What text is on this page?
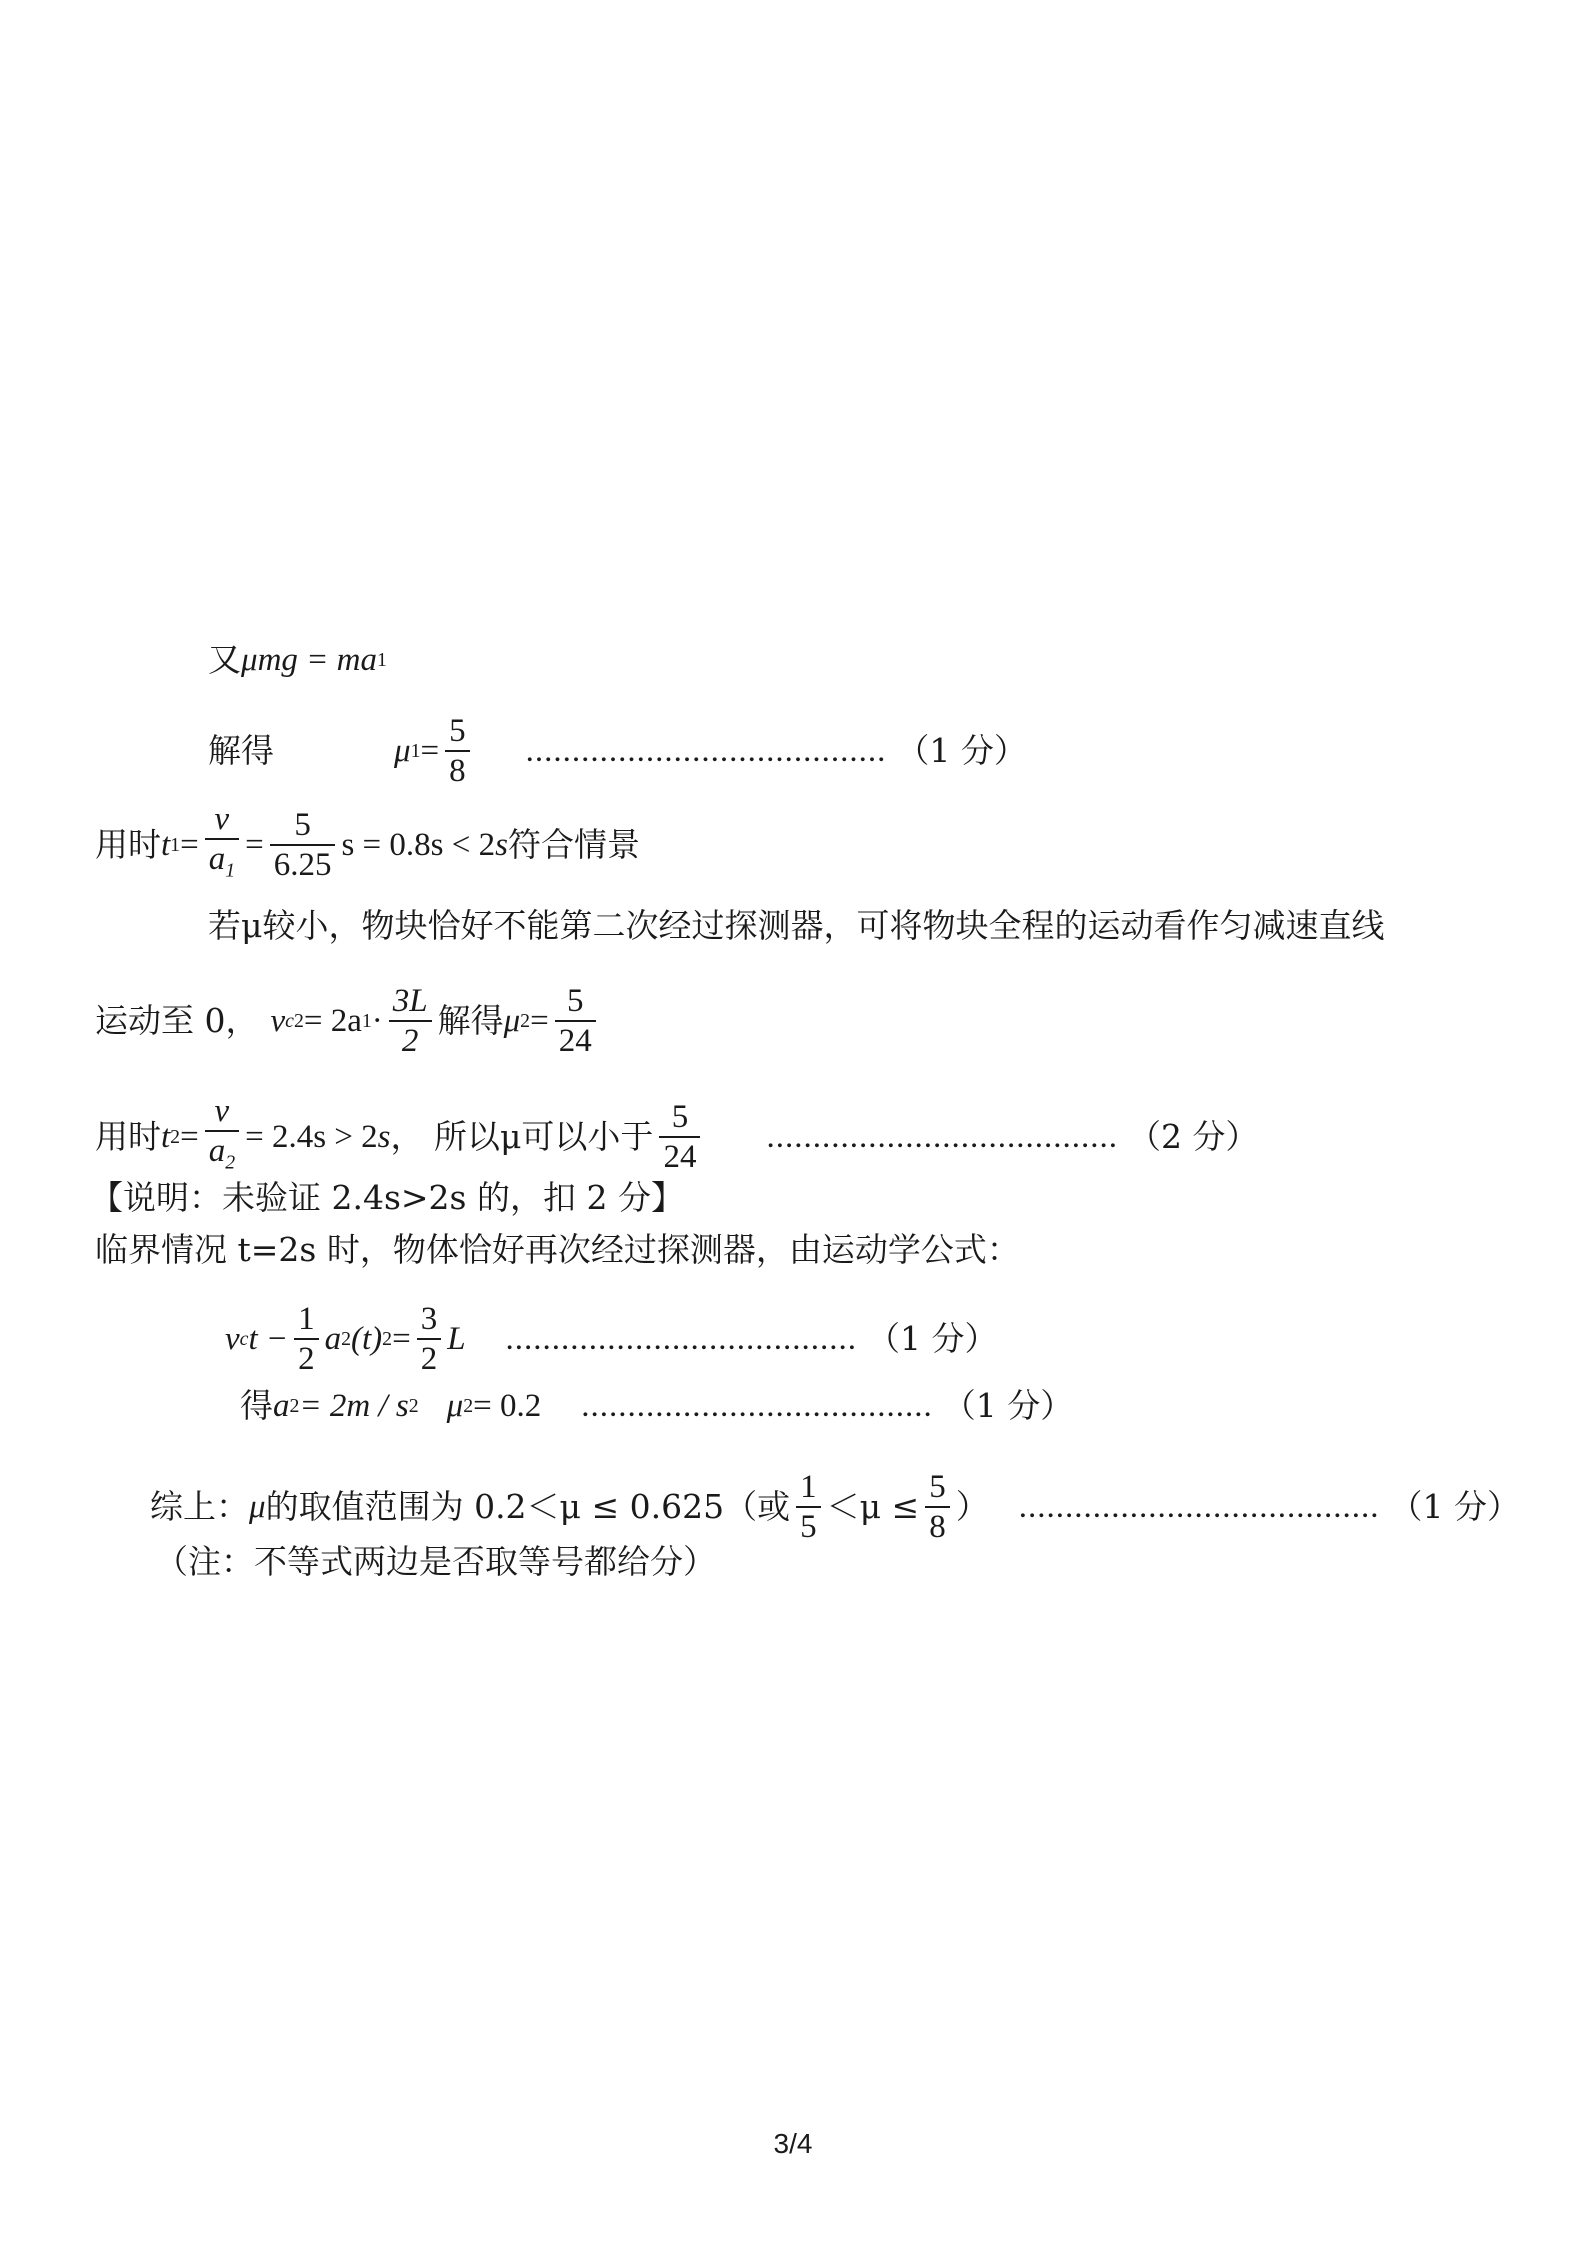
又 μmg = ma 1
解得	μ $1 = \frac{5}{8}$ ....................................... （1 分）
用时 t $1 = \frac{v}{a_1} = \frac{5}{6.25}$ s = 0.8s < 2 s 符合情景
若μ较小，物块恰好不能第二次经过探测器，可将物块全程的运动看作匀减速直线
运动至 0， v c 2 = 2a $1 \cdot \frac{3L}{2}$ 解得 μ $2 = \frac{5}{24}$
用时 t $2 = \frac{v}{a_2} = 2.4s > 2$ s ， 所以μ可以小于 $\frac{5}{24}$ ...................................... （2 分）
【说明：未验证 2.4s>2s 的，扣 2 分】
临界情况 t=2s 时，物体恰好再次经过探测器，由运动学公式：
v c $t - \frac{1}{2}$ a 2 (t) $2 = \frac{3}{2}$ L ...................................... （1 分）
得 a 2 = 2m / s 2 μ 2 = 0.2 ...................................... （1 分）
综上： μ 的取值范围为 0.2＜μ ≤ 0.625（或 $\frac{1}{5} <\mu \le \frac{5}{8}$ ） ....................................... （1 分）
（注：不等式两边是否取等号都给分）
3/4
